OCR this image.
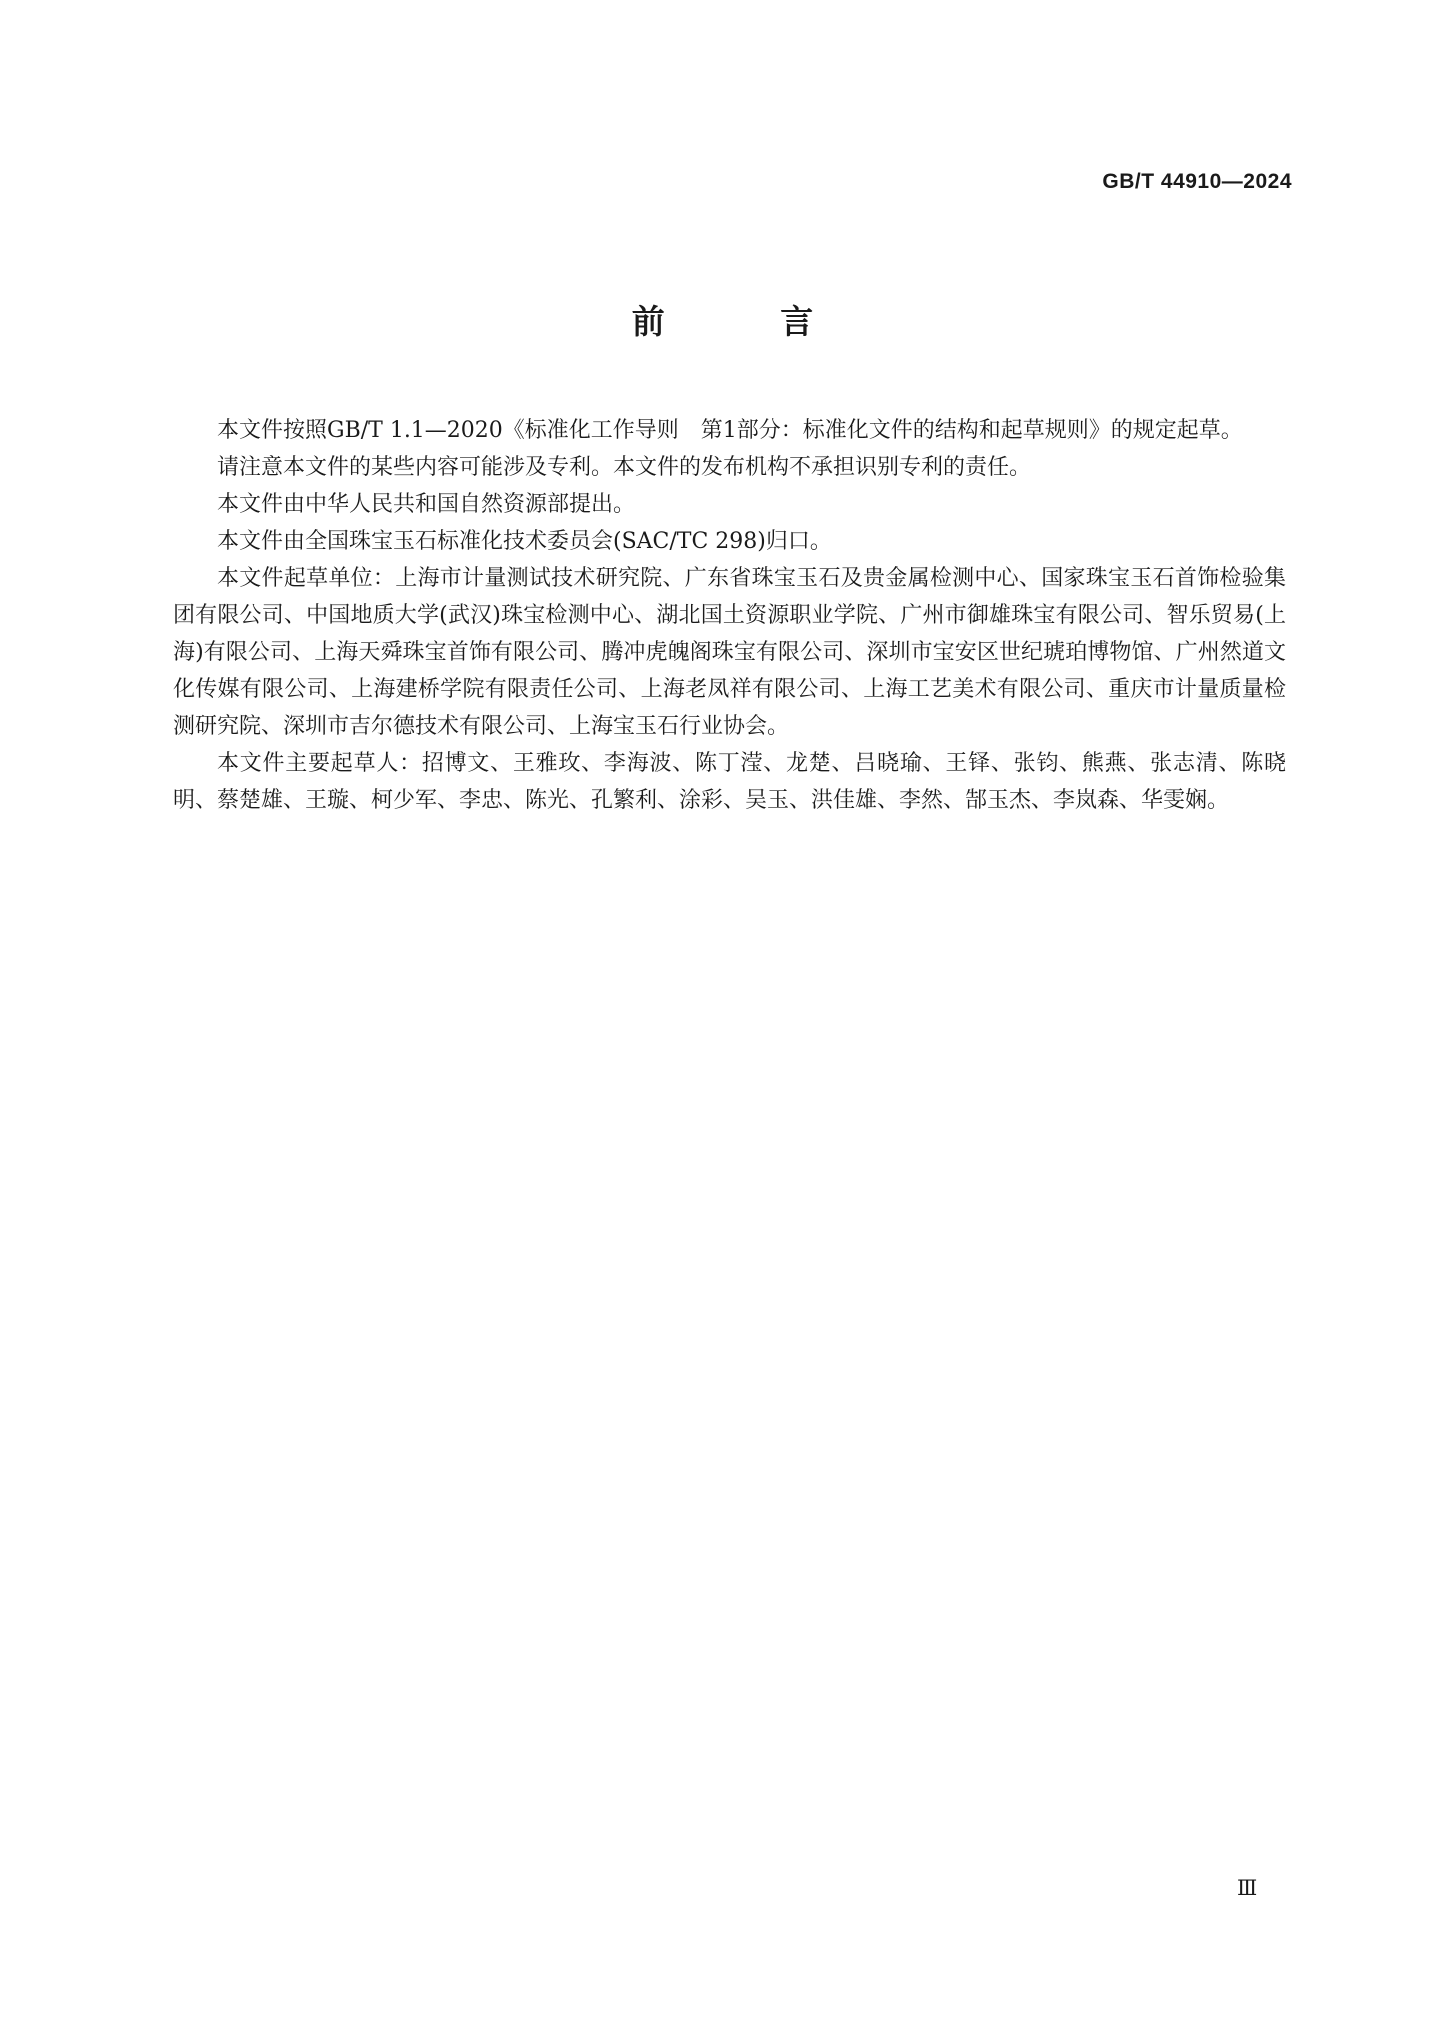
GB/T 44910—2024
前 言

本文件按照GB/T 1.1—2020《标准化工作导则　第1部分：标准化文件的结构和起草规则》的规定起草。

请注意本文件的某些内容可能涉及专利。本文件的发布机构不承担识别专利的责任。

本文件由中华人民共和国自然资源部提出。

本文件由全国珠宝玉石标准化技术委员会(SAC/TC 298)归口。

本文件起草单位：上海市计量测试技术研究院、广东省珠宝玉石及贵金属检测中心、国家珠宝玉石首饰检验集团有限公司、中国地质大学(武汉)珠宝检测中心、湖北国土资源职业学院、广州市御雄珠宝有限公司、智乐贸易(上海)有限公司、上海天舜珠宝首饰有限公司、腾冲虎魄阁珠宝有限公司、深圳市宝安区世纪琥珀博物馆、广州然道文化传媒有限公司、上海建桥学院有限责任公司、上海老凤祥有限公司、上海工艺美术有限公司、重庆市计量质量检测研究院、深圳市吉尔德技术有限公司、上海宝玉石行业协会。

本文件主要起草人：招博文、王雅玫、李海波、陈丁滢、龙楚、吕晓瑜、王铎、张钧、熊燕、张志清、陈晓明、蔡楚雄、王璇、柯少军、李忠、陈光、孔繁利、涂彩、吴玉、洪佳雄、李然、郜玉杰、李岚森、华雯娴。

Ⅲ
